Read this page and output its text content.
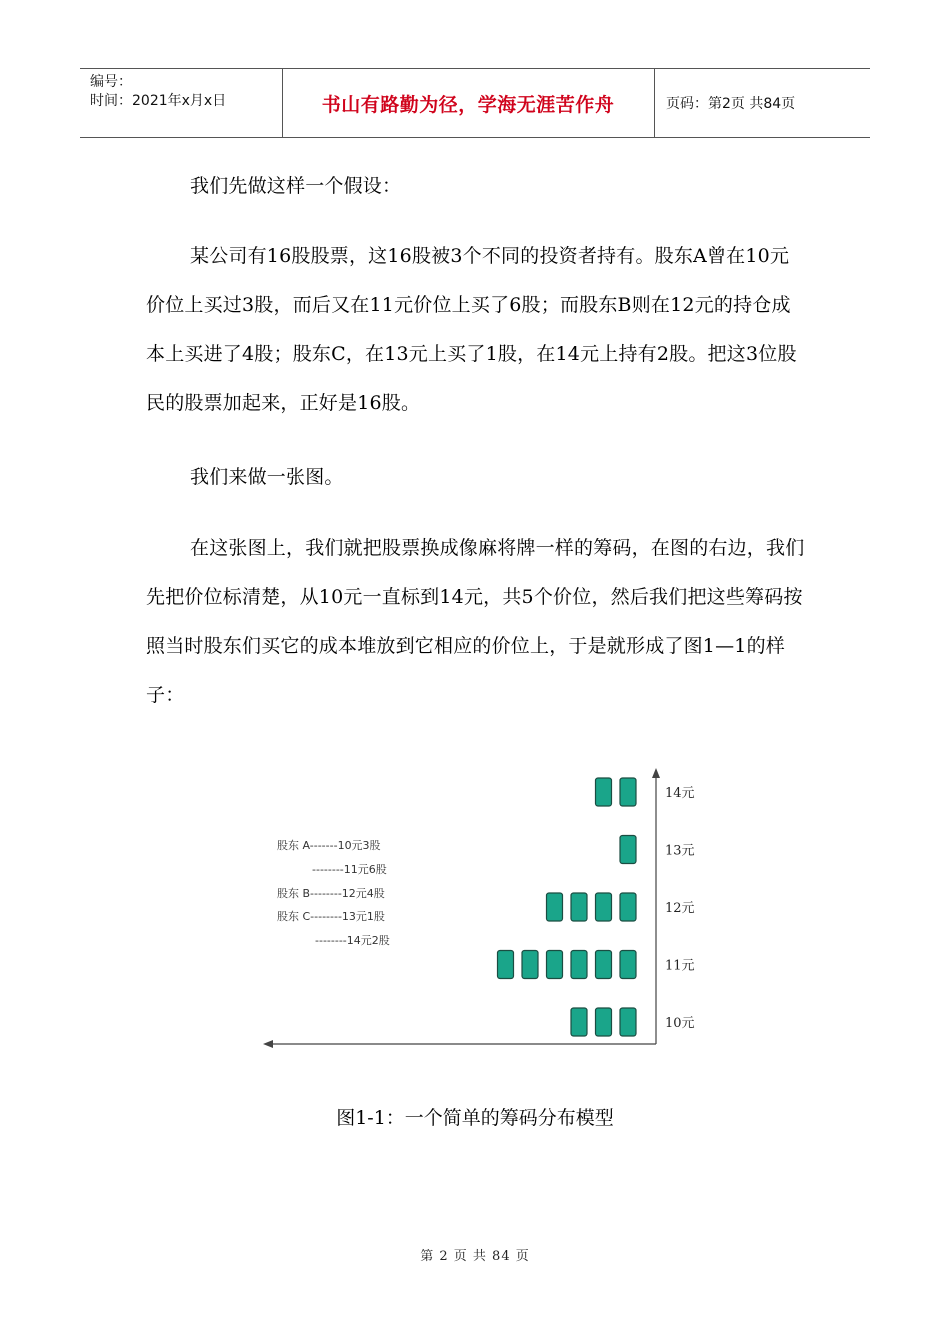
编号：
时间：2021年x月x日	书山有路勤为径，学海无涯苦作舟	页码：第2页 共84页

我们先做这样一个假设：

某公司有16股股票，这16股被3个不同的投资者持有。股东A曾在10元价位上买过3股，而后又在11元价位上买了6股；而股东B则在12元的持仓成本上买进了4股；股东C，在13元上买了1股，在14元上持有2股。把这3位股民的股票加起来，正好是16股。

我们来做一张图。

在这张图上，我们就把股票换成像麻将牌一样的筹码，在图的右边，我们先把价位标清楚，从10元一直标到14元，共5个价位，然后我们把这些筹码按照当时股东们买它的成本堆放到它相应的价位上，于是就形成了图1—1的样子：

10元
11元
12元
13元
14元
股东 A-------10元3股
--------11元6股
股东 B--------12元4股
股东 C--------13元1股
--------14元2股
图1-1：一个简单的筹码分布模型
第 2 页 共 84 页
